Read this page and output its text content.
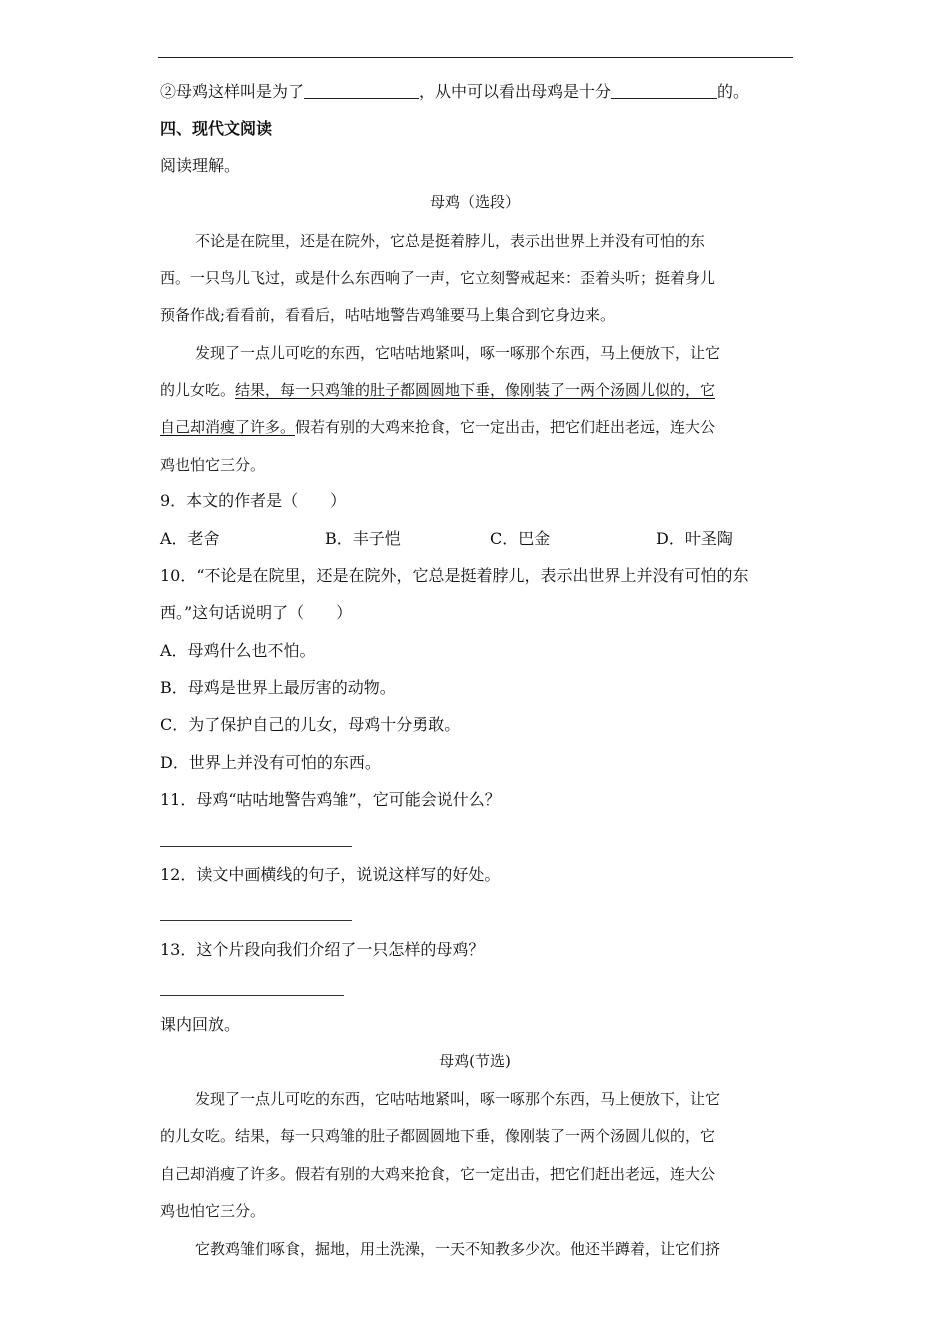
②母鸡这样叫是为了	，从中可以看出母鸡是十分	的。
四、现代文阅读
阅读理解。
母鸡（选段）
不论是在院里，还是在院外，它总是挺着脖儿，表示出世界上并没有可怕的东
西。一只鸟儿飞过，或是什么东西响了一声，它立刻警戒起来：歪着头听；挺着身儿
预备作战;看看前，看看后，咕咕地警告鸡雏要马上集合到它身边来。
发现了一点儿可吃的东西，它咕咕地紧叫，啄一啄那个东西，马上便放下，让它
的儿女吃。结果，每一只鸡雏的肚子都圆圆地下垂，像刚装了一两个汤圆儿似的，它
自己却消瘦了许多。假若有别的大鸡来抢食，它一定出击，把它们赶出老远，连大公
鸡也怕它三分。
9．本文的作者是（　　）
A．老舍	B．丰子恺	C．巴金	D．叶圣陶
10．“不论是在院里，还是在院外，它总是挺着脖儿，表示出世界上并没有可怕的东
西。”这句话说明了（　　）
A．母鸡什么也不怕。
B．母鸡是世界上最厉害的动物。
C．为了保护自己的儿女，母鸡十分勇敢。
D．世界上并没有可怕的东西。
11．母鸡“咕咕地警告鸡雏”，它可能会说什么？
12．读文中画横线的句子，说说这样写的好处。
13．这个片段向我们介绍了一只怎样的母鸡？
课内回放。
母鸡(节选)
发现了一点儿可吃的东西，它咕咕地紧叫，啄一啄那个东西，马上便放下，让它
的儿女吃。结果，每一只鸡雏的肚子都圆圆地下垂，像刚装了一两个汤圆儿似的，它
自己却消瘦了许多。假若有别的大鸡来抢食，它一定出击，把它们赶出老远，连大公
鸡也怕它三分。
它教鸡雏们啄食，掘地，用土洗澡，一天不知教多少次。他还半蹲着，让它们挤
